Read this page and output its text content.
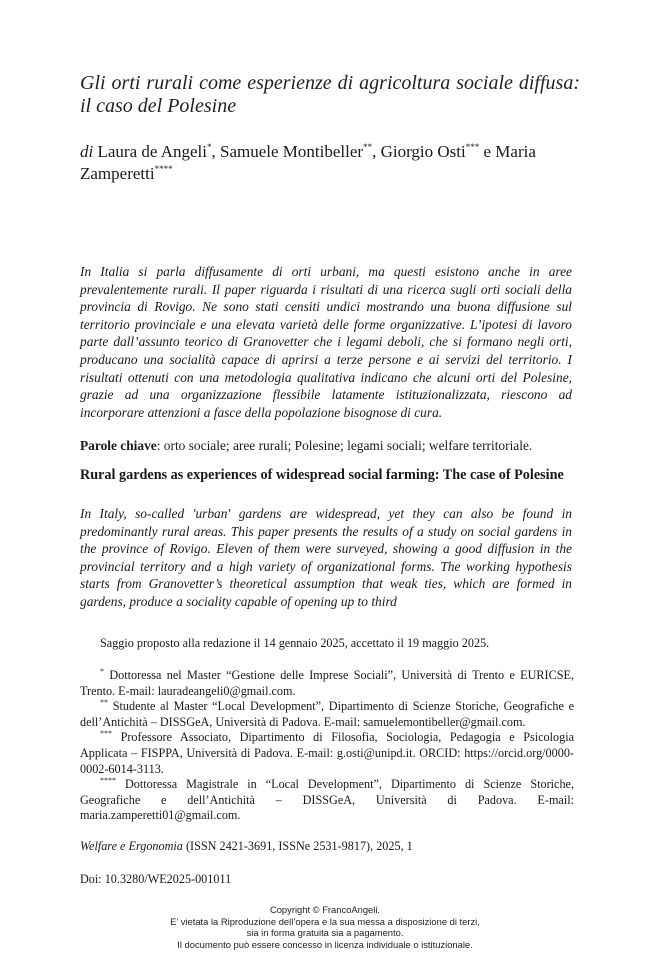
Gli orti rurali come esperienze di agricoltura sociale diffusa: il caso del Polesine
di Laura de Angeli*, Samuele Montibeller**, Giorgio Osti*** e Maria Zamperetti****
In Italia si parla diffusamente di orti urbani, ma questi esistono anche in aree prevalentemente rurali. Il paper riguarda i risultati di una ricerca sugli orti sociali della provincia di Rovigo. Ne sono stati censiti undici mostrando una buona diffusione sul territorio provinciale e una elevata varietà delle forme organizzative. L’ipotesi di lavoro parte dall’assunto teorico di Granovetter che i legami deboli, che si formano negli orti, producano una socialità capace di aprirsi a terze persone e ai servizi del territorio. I risultati ottenuti con una metodologia qualitativa indicano che alcuni orti del Polesine, grazie ad una organizzazione flessibile latamente istituzionalizzata, riescono ad incorporare attenzioni a fasce della popolazione bisognose di cura.
Parole chiave: orto sociale; aree rurali; Polesine; legami sociali; welfare territoriale.
Rural gardens as experiences of widespread social farming: The case of Polesine
In Italy, so-called 'urban' gardens are widespread, yet they can also be found in predominantly rural areas. This paper presents the results of a study on social gardens in the province of Rovigo. Eleven of them were surveyed, showing a good diffusion in the provincial territory and a high variety of organizational forms. The working hypothesis starts from Granovetter’s theoretical assumption that weak ties, which are formed in gardens, produce a sociality capable of opening up to third
Saggio proposto alla redazione il 14 gennaio 2025, accettato il 19 maggio 2025.

* Dottoressa nel Master “Gestione delle Imprese Sociali”, Università di Trento e EURICSE, Trento. E-mail: lauradeangeli0@gmail.com.

** Studente al Master “Local Development”, Dipartimento di Scienze Storiche, Geografiche e dell’Antichità – DISSGeA, Università di Padova. E-mail: samuelemontibeller@gmail.com.

*** Professore Associato, Dipartimento di Filosofia, Sociologia, Pedagogia e Psicologia Applicata – FISPPA, Università di Padova. E-mail: g.osti@unipd.it. ORCID: https://orcid.org/0000-0002-6014-3113.

**** Dottoressa Magistrale in “Local Development”, Dipartimento di Scienze Storiche, Geografiche e dell’Antichità – DISSGeA, Università di Padova. E-mail: maria.zamperetti01@gmail.com.

Welfare e Ergonomia (ISSN 2421-3691, ISSNe 2531-9817), 2025, 1
Doi: 10.3280/WE2025-001011
Copyright © FrancoAngeli.
E’ vietata la Riproduzione dell’opera e la sua messa a disposizione di terzi,
sia in forma gratuita sia a pagamento.
Il documento può essere concesso in licenza individuale o istituzionale.
